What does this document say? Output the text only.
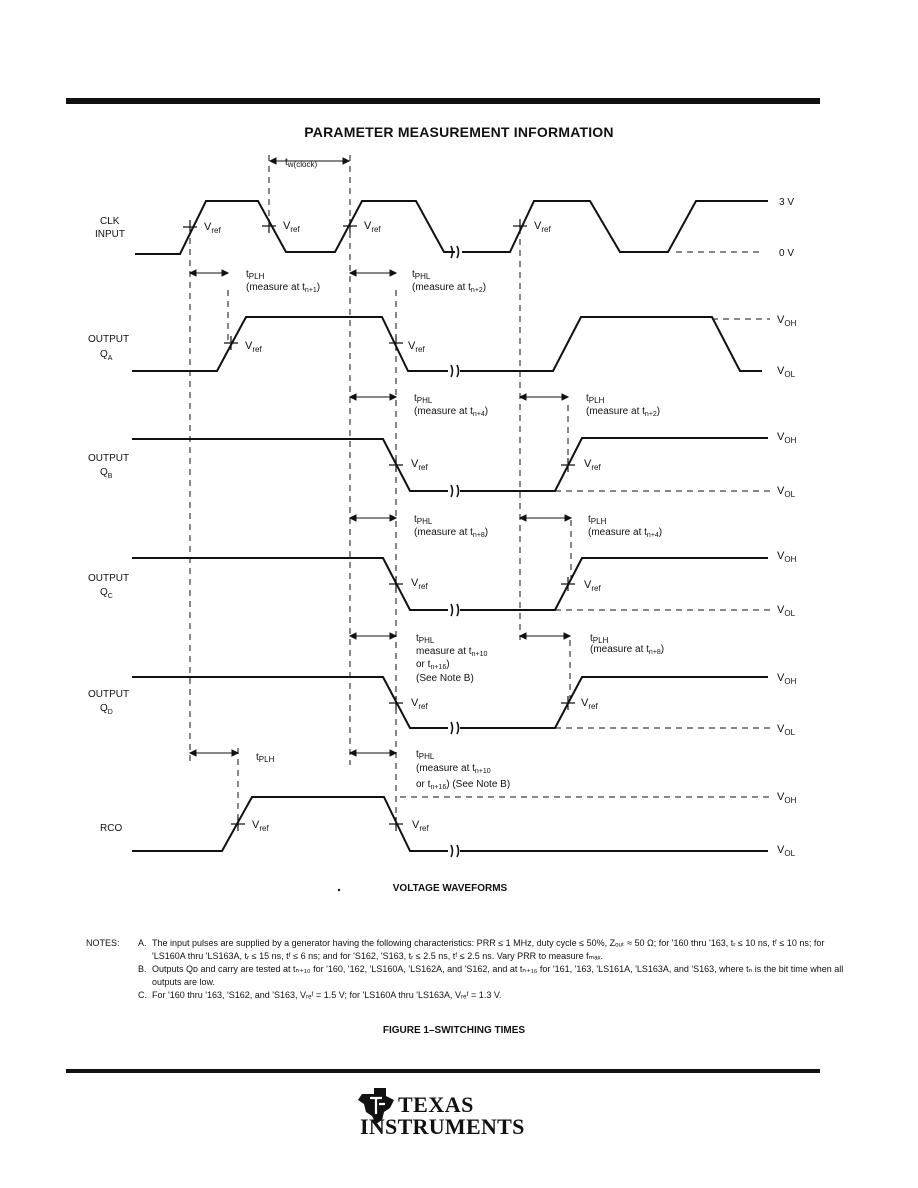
PARAMETER MEASUREMENT INFORMATION
CLK
INPUT
OUTPUT
$Q_A$
OUTPUT
$Q_B$
OUTPUT
$Q_C$
OUTPUT
$Q_D$
RCO
3 V
0 V
$V_{OH}$
$V_{OL}$
$V_{OH}$
$V_{OL}$
$V_{OH}$
$V_{OL}$
$V_{OH}$
$V_{OL}$
$V_{OH}$
$V_{OL}$
$V_{ref}$	$V_{ref}$	$V_{ref}$	$V_{ref}$
$V_{ref}$	$V_{ref}$
$V_{ref}$	$V_{ref}$
$V_{ref}$	$V_{ref}$
$V_{ref}$	$V_{ref}$
$V_{ref}$	$V_{ref}$
$t_{w(clock)}$
$t_{PLH}$
(measure at $t_{n+1}$)
$t_{PHL}$
(measure at $t_{n+2}$)
$t_{PHL}$
(measure at $t_{n+4}$)
$t_{PLH}$
(measure at $t_{n+2}$)
$t_{PHL}$
(measure at $t_{n+8}$)
$t_{PLH}$
(measure at $t_{n+4}$)
$t_{PHL}$
measure at $t_{n+10}$
or $t_{n+16}$)
(See Note B)
$t_{PLH}$
(measure at $t_{n+8}$)
$t_{PLH}$	$t_{PHL}$
(measure at $t_{n+10}$
or $t_{n+16}$) (See Note B)
VOLTAGE WAVEFORMS
NOTES: A. The input pulses are supplied by a generator having the following characteristics: PRR ≤ 1 MHz, duty cycle ≤ 50%, Zₒᵤₜ ≈ 50 Ω; for '160 thru '163, tᵣ ≤ 10 ns, tᶠ ≤ 10 ns; for 'LS160A thru 'LS163A, tᵣ ≤ 15 ns, tᶠ ≤ 6 ns; and for 'S162, 'S163, tᵣ ≤ 2.5 ns, tᶠ ≤ 2.5 ns. Vary PRR to measure fₘₐₓ.
B. Outputs Qᴅ and carry are tested at tₙ₊₁₀ for '160, '162, 'LS160A, 'LS162A, and 'S162, and at tₙ₊₁₆ for '161, '163, 'LS161A, 'LS163A, and 'S163, where tₙ is the bit time when all outputs are low.
C. For '160 thru '163, 'S162, and 'S163, Vᵣₑᶠ = 1.5 V; for 'LS160A thru 'LS163A, Vᵣₑᶠ = 1.3 V.
FIGURE 1–SWITCHING TIMES
TEXAS
INSTRUMENTS
